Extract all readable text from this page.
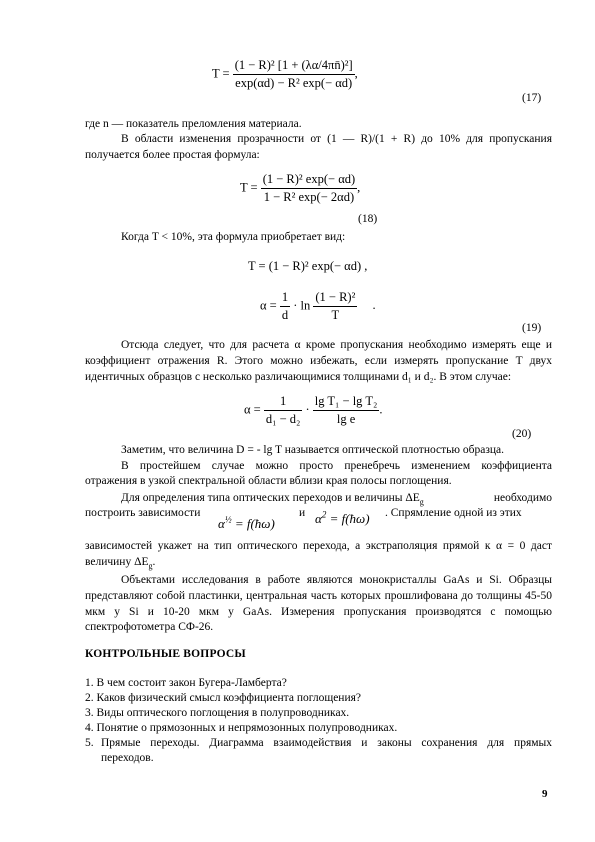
$T = \frac{\text{(1 − R)² [1 + (λα/4πn̄)²]}}{\text{exp(αd) − R² exp(− αd)}}$ ,
(17)
где n — показатель преломления материала.
В области изменения прозрачности от (1 — R)/(1 + R) до 10% для пропускания
получается более простая формула:
$T = \frac{\text{(1 − R)² exp(− αd)}}{\text{1 − R² exp(− 2αd)}}$ ,
(18)
Когда T < 10%, эта формула приобретает вид:
T = (1 − R)² exp(− αd) ,
$\alpha = \frac{1}{d} \cdot \ln \frac{\text{(1 − R)²}}{T}$ .
(19)
Отсюда следует, что для расчета α кроме пропускания необходимо измерять еще и
коэффициент отражения R. Этого можно избежать, если измерять пропускание T двух
идентичных образцов с несколько различающимися толщинами d₁ и d₂. В этом случае:
$\alpha = \frac{1}{\text{d₁ − d₂}} \cdot \frac{\text{lg T₁ − lg T₂}}{\text{lg e}}$ .
(20)
Заметим, что величина D = - lg T называется оптической плотностью образца.
В простейшем случае можно просто пренебречь изменением коэффициента
отражения в узкой спектральной области вблизи края полосы поглощения.
Для определения типа оптических переходов и величины $\Delta E_g$	необходимо
построить зависимости	и	. Спрямление одной из этих
$\alpha^{\frac{1}{2}}$ = f(ħω)	$\alpha^2$ = f(ħω)
зависимостей укажет на тип оптического перехода, а экстраполяция прямой к α = 0 даст
величину $\Delta E_g$.
Объектами исследования в работе являются монокристаллы GaAs и Si. Образцы
представляют собой пластинки, центральная часть которых прошлифована до толщины 45-50
мкм у Si и 10-20 мкм у GaAs. Измерения пропускания производятся с помощью
спектрофотометра СФ-26.
КОНТРОЛЬНЫЕ ВОПРОСЫ
1. В чем состоит закон Бугера-Ламберта?
2. Каков физический смысл коэффициента поглощения?
3. Виды оптического поглощения в полупроводниках.
4. Понятие о прямозонных и непрямозонных полупроводниках.
5. Прямые переходы. Диаграмма взаимодействия и законы сохранения для прямых
переходов.
9
